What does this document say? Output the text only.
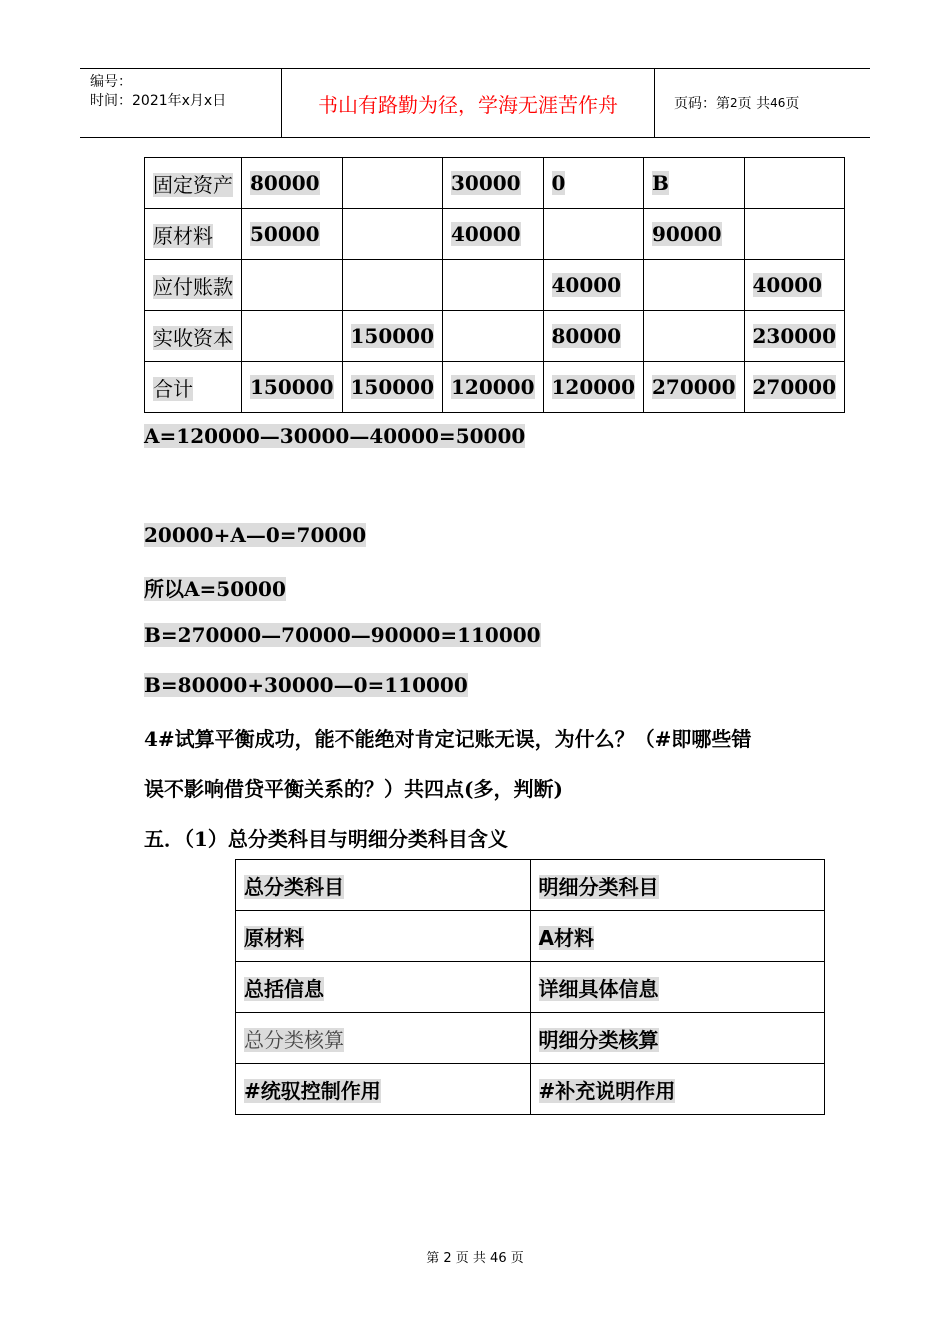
编号：
时间：2021年x月x日	书山有路勤为径，学海无涯苦作舟	页码：第 2 页 共 46 页
固定资产	80000		30000	0	B	
原材料	50000		40000		90000	
应付账款				40000		40000
实收资本		150000		80000		230000
合计	150000	150000	120000	120000	270000	270000
A=120000—30000—40000=50000
20000+A—0=70000
所以A=50000
B=270000—70000—90000=110000
B=80000+30000—0=110000
4#试算平衡成功，能不能绝对肯定记账无误，为什么？（#即哪些错
误不影响借贷平衡关系的？）共四点(多，判断)
五．（1）总分类科目与明细分类科目含义
总分类科目	明细分类科目
原材料	A材料
总括信息	详细具体信息
总分类核算	明细分类核算
#统驭控制作用	#补充说明作用
第 2 页 共 46 页
